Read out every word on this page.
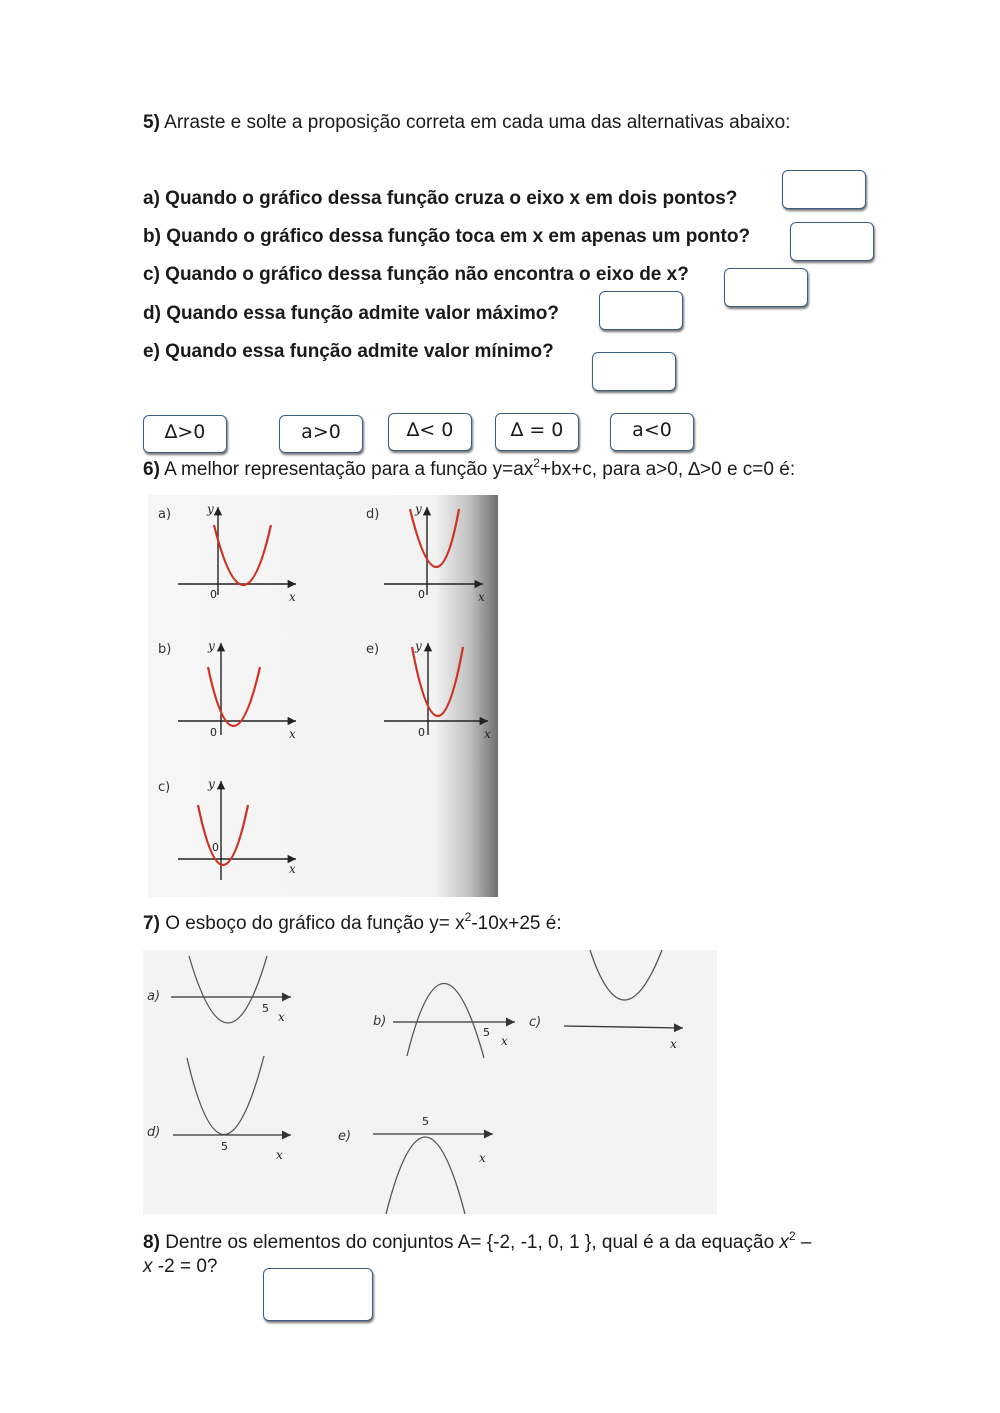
5) Arraste e solte a proposição correta em cada uma das alternativas abaixo:
a) Quando o gráfico dessa função cruza o eixo x em dois pontos?
b) Quando o gráfico dessa função toca em x em apenas um ponto?
c) Quando o gráfico dessa função não encontra o eixo de x?
d) Quando essa função admite valor máximo?
e) Quando essa função admite valor mínimo?
∆>0	a>0	∆< 0	∆ = 0	a<0
6) A melhor representação para a função $y=ax^2+bx+c$, para a>0, ∆>0 e c=0 é:
a)	y
x
0
b)	y
x
0
c)	y
x
0
d)	y
x
0
e)	y
x
0
7) O esboço do gráfico da função $y= x^2-10x+25$ é:
a)
5
x	b)
5
x
c)
x
d)
5
x
e)
5
x
8) Dentre os elementos do conjuntos A= {-2, -1, 0, 1 }, qual é a da equação $x^2$ –
x -2 = 0?
